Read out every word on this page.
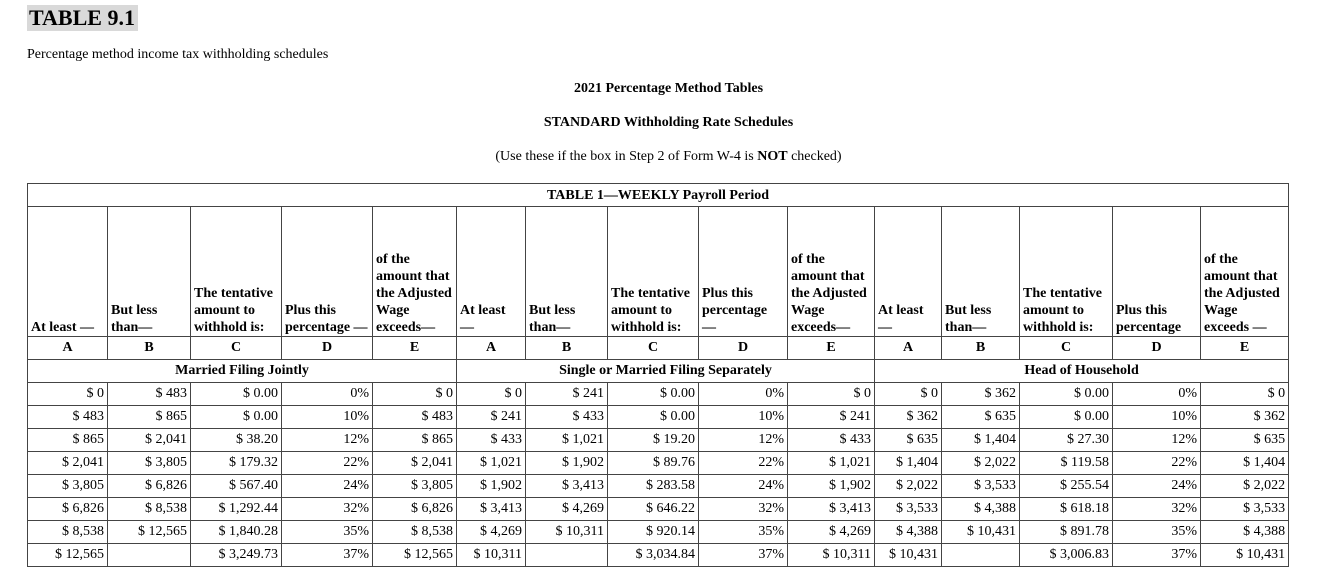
TABLE 9.1
Percentage method income tax withholding schedules
2021 Percentage Method Tables
STANDARD Withholding Rate Schedules
(Use these if the box in Step 2 of Form W-4 is NOT checked)
TABLE 1—WEEKLY Payroll Period														
At least —	But less than—	The tentative amount to withhold is:	Plus this percentage —	of the amount that the Adjusted Wage exceeds—	At least —	But less than—	The tentative amount to withhold is:	Plus this percentage —	of the amount that the Adjusted Wage exceeds—	At least —	But less than—	The tentative amount to withhold is:	Plus this percentage	of the amount that the Adjusted Wage exceeds —
A	B	C	D	E	A	B	C	D	E	A	B	C	D	E
Married Filing Jointly					Single or Married Filing Separately					Head of Household				
$ 0	$ 483	$ 0.00	0%	$ 0	$ 0	$ 241	$ 0.00	0%	$ 0	$ 0	$ 362	$ 0.00	0%	$ 0
$ 483	$ 865	$ 0.00	10%	$ 483	$ 241	$ 433	$ 0.00	10%	$ 241	$ 362	$ 635	$ 0.00	10%	$ 362
$ 865	$ 2,041	$ 38.20	12%	$ 865	$ 433	$ 1,021	$ 19.20	12%	$ 433	$ 635	$ 1,404	$ 27.30	12%	$ 635
$ 2,041	$ 3,805	$ 179.32	22%	$ 2,041	$ 1,021	$ 1,902	$ 89.76	22%	$ 1,021	$ 1,404	$ 2,022	$ 119.58	22%	$ 1,404
$ 3,805	$ 6,826	$ 567.40	24%	$ 3,805	$ 1,902	$ 3,413	$ 283.58	24%	$ 1,902	$ 2,022	$ 3,533	$ 255.54	24%	$ 2,022
$ 6,826	$ 8,538	$ 1,292.44	32%	$ 6,826	$ 3,413	$ 4,269	$ 646.22	32%	$ 3,413	$ 3,533	$ 4,388	$ 618.18	32%	$ 3,533
$ 8,538	$ 12,565	$ 1,840.28	35%	$ 8,538	$ 4,269	$ 10,311	$ 920.14	35%	$ 4,269	$ 4,388	$ 10,431	$ 891.78	35%	$ 4,388
$ 12,565		$ 3,249.73	37%	$ 12,565	$ 10,311		$ 3,034.84	37%	$ 10,311	$ 10,431		$ 3,006.83	37%	$ 10,431
